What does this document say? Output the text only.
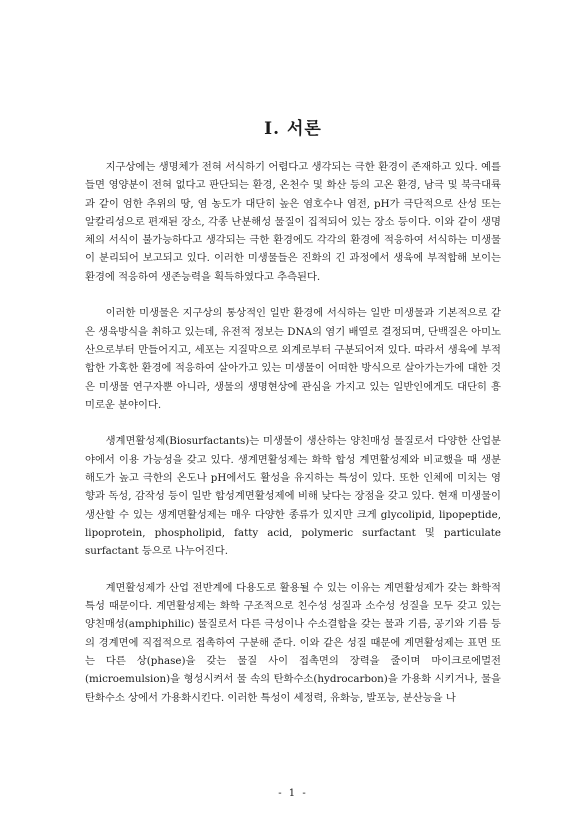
Ⅰ. 서론

지구상에는 생명체가 전혀 서식하기 어렵다고 생각되는 극한 환경이 존재하고 있다. 예를 들면 영양분이 전혀 없다고 판단되는 환경, 온천수 및 화산 등의 고온 환경, 남극 및 북극대륙과 같이 엄한 추위의 땅, 염 농도가 대단히 높은 염호수나 염전, pH가 극단적으로 산성 또는 알칼리성으로 편재된 장소, 각종 난분해성 물질이 집적되어 있는 장소 등이다. 이와 같이 생명체의 서식이 불가능하다고 생각되는 극한 환경에도 각각의 환경에 적응하여 서식하는 미생물이 분리되어 보고되고 있다. 이러한 미생물들은 진화의 긴 과정에서 생육에 부적합해 보이는 환경에 적응하여 생존능력을 획득하였다고 추측된다.

이러한 미생물은 지구상의 통상적인 일반 환경에 서식하는 일반 미생물과 기본적으로 같은 생육방식을 취하고 있는데, 유전적 정보는 DNA의 염기 배열로 결정되며, 단백질은 아미노산으로부터 만들어지고, 세포는 지질막으로 외계로부터 구분되어져 있다. 따라서 생육에 부적합한 가혹한 환경에 적응하여 살아가고 있는 미생물이 어떠한 방식으로 살아가는가에 대한 것은 미생물 연구자뿐 아니라, 생물의 생명현상에 관심을 가지고 있는 일반인에게도 대단히 흥미로운 분야이다.

생계면활성제(Biosurfactants)는 미생물이 생산하는 양친매성 물질로서 다양한 산업분야에서 이용 가능성을 갖고 있다. 생계면활성제는 화학 합성 계면활성제와 비교했을 때 생분해도가 높고 극한의 온도나 pH에서도 활성을 유지하는 특성이 있다. 또한 인체에 미치는 영향과 독성, 감작성 등이 일반 합성계면활성제에 비해 낮다는 장점을 갖고 있다. 현재 미생물이 생산할 수 있는 생계면활성제는 매우 다양한 종류가 있지만 크게 glycolipid, lipopeptide, lipoprotein, phospholipid, fatty acid, polymeric surfactant 및 particulate surfactant 등으로 나누어진다.

계면활성제가 산업 전반계에 다용도로 활용될 수 있는 이유는 계면활성제가 갖는 화학적 특성 때문이다. 계면활성제는 화학 구조적으로 친수성 성질과 소수성 성질을 모두 갖고 있는 양친매성(amphiphilic) 물질로서 다른 극성이나 수소결합을 갖는 물과 기름, 공기와 기름 등의 경계면에 직접적으로 접촉하여 구분해 준다. 이와 같은 성질 때문에 계면활성제는 표면 또는 다른 상(phase)을 갖는 물질 사이 접촉면의 장력을 줄이며 마이크로에멀전(microemulsion)을 형성시켜서 물 속의 탄화수소(hydrocarbon)을 가용화 시키거나, 물을 탄화수소 상에서 가용화시킨다. 이러한 특성이 세정력, 유화능, 발포능, 분산능을 나

- 1 -
